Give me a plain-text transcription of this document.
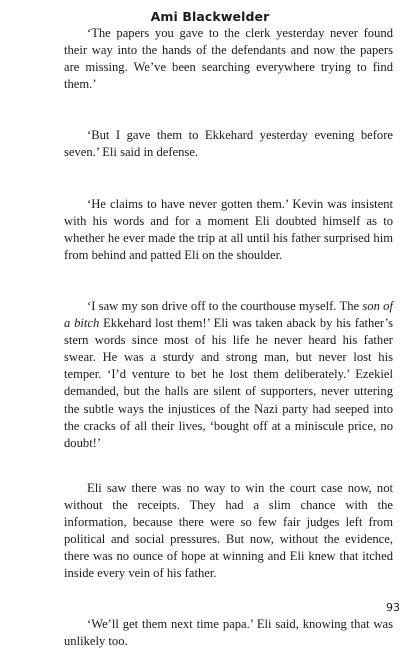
Ami Blackwelder

‘The papers you gave to the clerk yesterday never found their way into the hands of the defendants and now the papers are missing. We’ve been searching everywhere trying to find them.’

‘But I gave them to Ekkehard yesterday evening before seven.’ Eli said in defense.

‘He claims to have never gotten them.’ Kevin was insistent with his words and for a moment Eli doubted himself as to whether he ever made the trip at all until his father surprised him from behind and patted Eli on the shoulder.

‘I saw my son drive off to the courthouse myself. The son of a bitch Ekkehard lost them!’ Eli was taken aback by his father’s stern words since most of his life he never heard his father swear. He was a sturdy and strong man, but never lost his temper. ‘I’d venture to bet he lost them deliberately.’ Ezekiel demanded, but the halls are silent of supporters, never uttering the subtle ways the injustices of the Nazi party had seeped into the cracks of all their lives, ‘bought off at a miniscule price, no doubt!’

Eli saw there was no way to win the court case now, not without the receipts. They had a slim chance with the information, because there were so few fair judges left from political and social pressures. But now, without the evidence, there was no ounce of hope at winning and Eli knew that itched inside every vein of his father.

‘We’ll get them next time papa.’ Eli said, knowing that was unlikely too.

93
